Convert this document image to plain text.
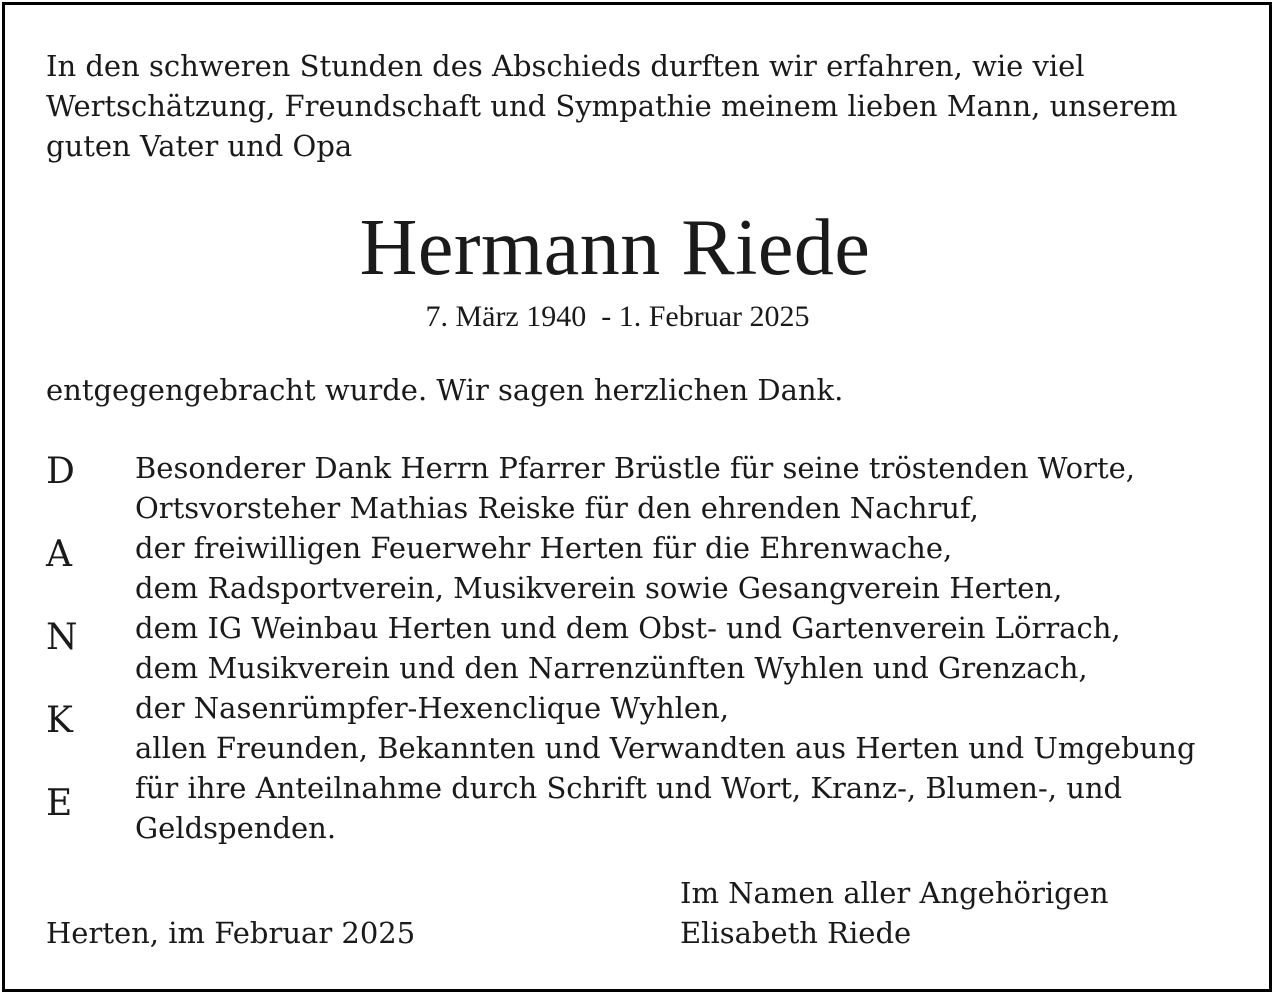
In den schweren Stunden des Abschieds durften wir erfahren, wie viel
Wertschätzung, Freundschaft und Sympathie meinem lieben Mann, unserem
guten Vater und Opa
Hermann Riede
7. März 1940  - 1. Februar 2025
entgegengebracht wurde. Wir sagen herzlichen Dank.
D
A
N
K
E
Besonderer Dank Herrn Pfarrer Brüstle für seine tröstenden Worte,
Ortsvorsteher Mathias Reiske für den ehrenden Nachruf,
der freiwilligen Feuerwehr Herten für die Ehrenwache,
dem Radsportverein, Musikverein sowie Gesangverein Herten,
dem IG Weinbau Herten und dem Obst- und Gartenverein Lörrach,
dem Musikverein und den Narrenzünften Wyhlen und Grenzach,
der Nasenrümpfer-Hexenclique Wyhlen,
allen Freunden, Bekannten und Verwandten aus Herten und Umgebung
für ihre Anteilnahme durch Schrift und Wort, Kranz-, Blumen-, und
Geldspenden.
Herten, im Februar 2025
Im Namen aller Angehörigen
Elisabeth Riede
